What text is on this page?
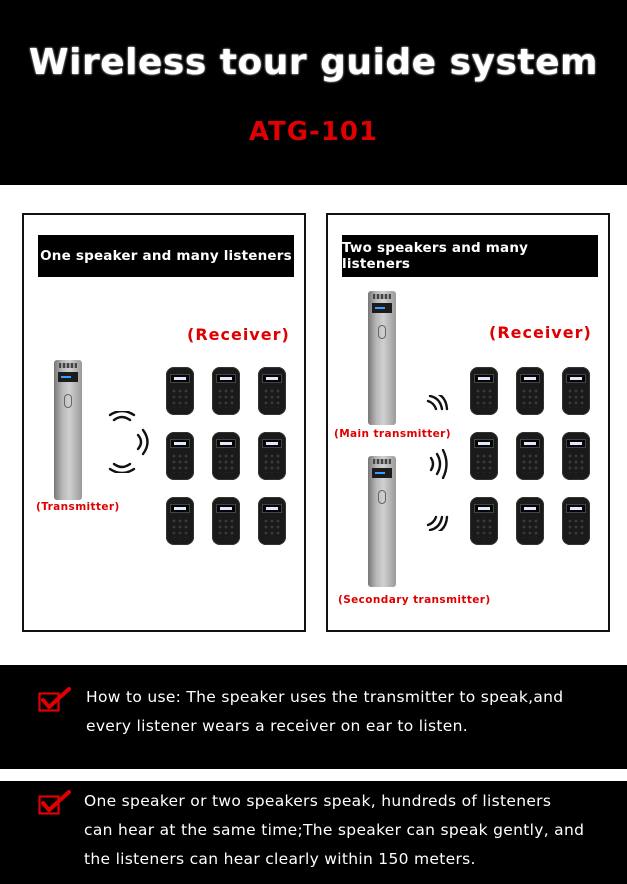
Wireless tour guide system
ATG-101
One speaker and many listeners
(Receiver)
(Transmitter)
Two speakers and many listeners
(Receiver)
(Main transmitter)
(Secondary transmitter)
How to use: The speaker uses the transmitter to speak,and
every listener wears a receiver on ear to listen.
One speaker or two speakers speak, hundreds of listeners
can hear at the same time;The speaker can speak gently, and
the listeners can hear clearly within 150 meters.
